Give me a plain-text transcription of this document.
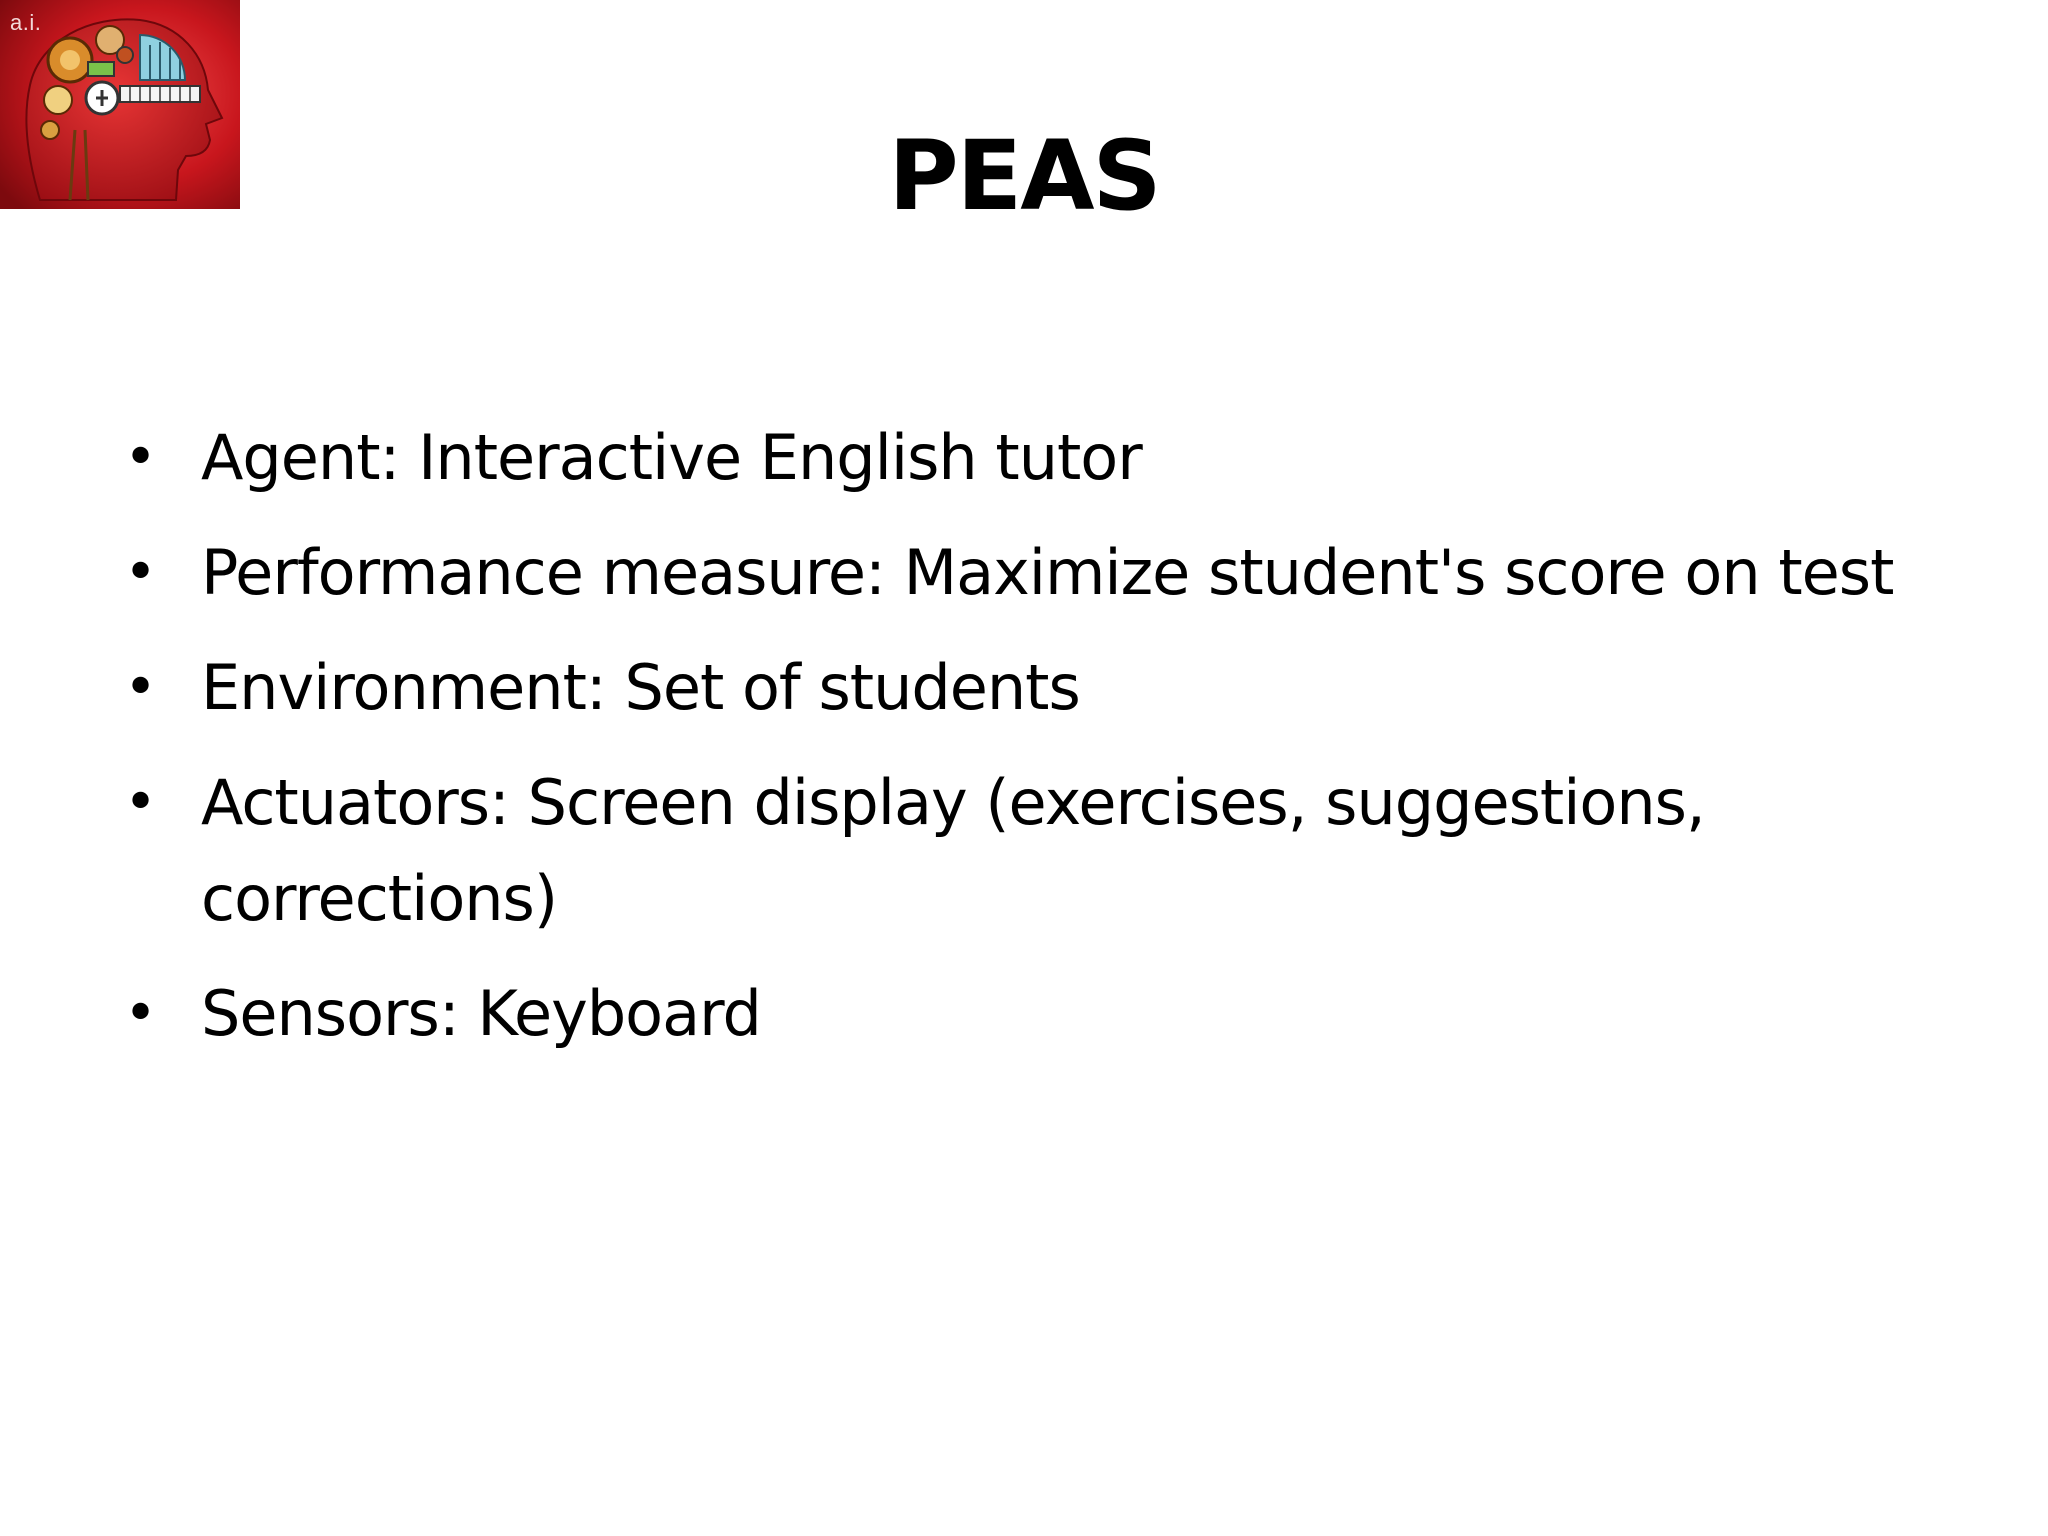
a.i.
PEAS
• Agent: Interactive English tutor
• Performance measure: Maximize student's score on test
• Environment: Set of students
• Actuators: Screen display (exercises, suggestions, corrections)
• Sensors: Keyboard
